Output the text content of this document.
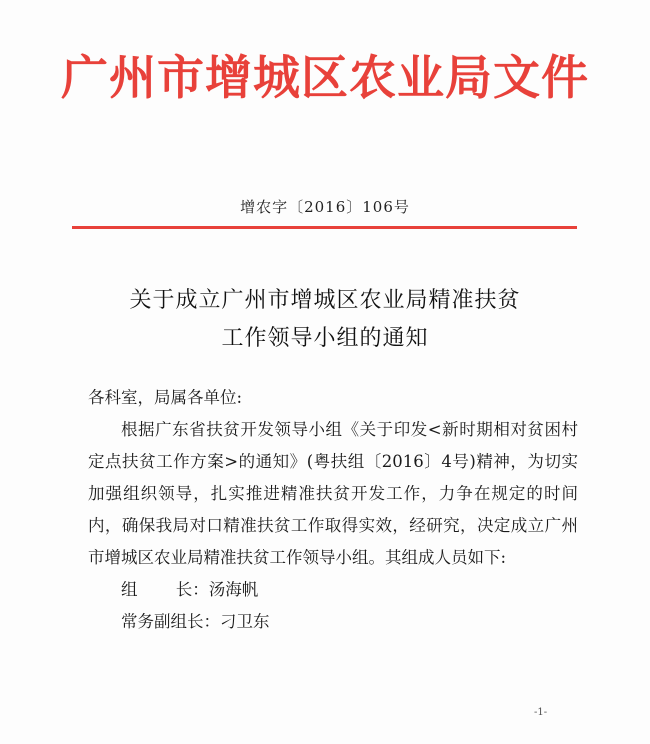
广州市增城区农业局文件
增农字〔2016〕106号
关于成立广州市增城区农业局精准扶贫
工作领导小组的通知

各科室，局属各单位:

根据广东省扶贫开发领导小组《关于印发<新时期相对贫困村定点扶贫工作方案>的通知》(粤扶组〔2016〕4号)精神，为切实加强组织领导，扎实推进精准扶贫开发工作，力争在规定的时间内，确保我局对口精准扶贫工作取得实效，经研究，决定成立广州市增城区农业局精准扶贫工作领导小组。其组成人员如下:

组　　 长：汤海帆
常务副组长：刁卫东
-1-
